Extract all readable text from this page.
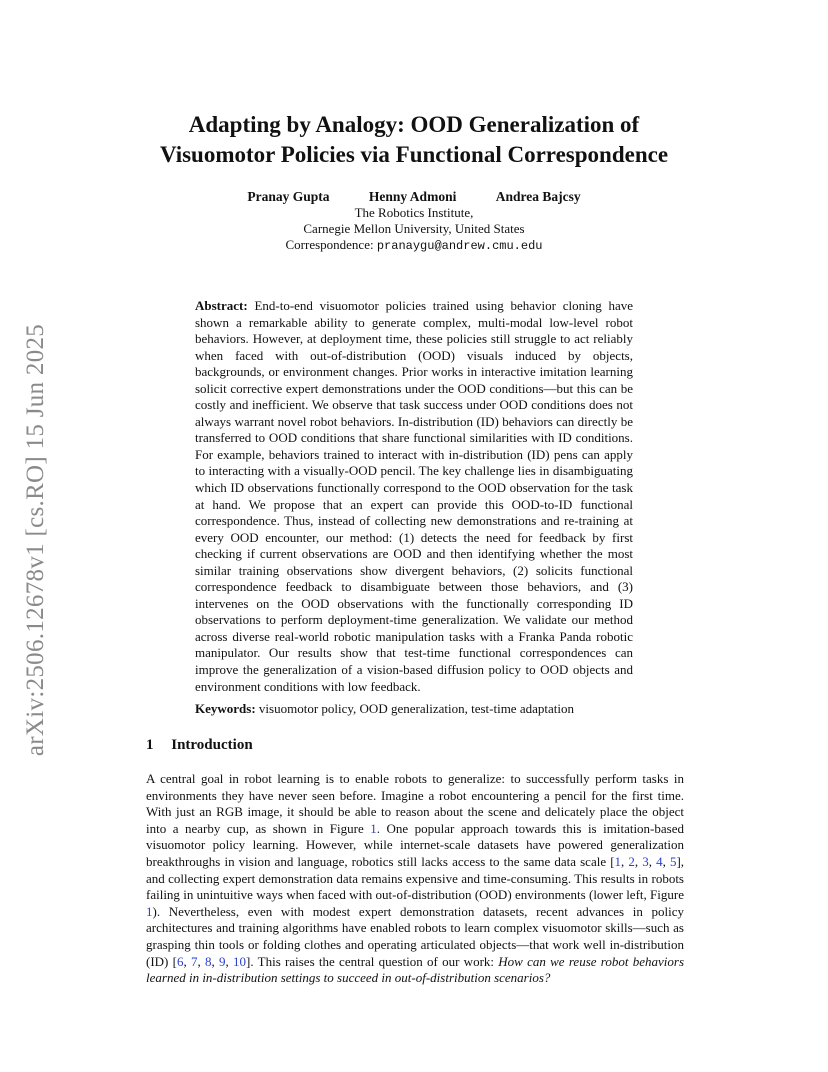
arXiv:2506.12678v1 [cs.RO] 15 Jun 2025
Adapting by Analogy: OOD Generalization of
Visuomotor Policies via Functional Correspondence
Pranay Gupta	Henny Admoni	Andrea Bajcsy
The Robotics Institute,
Carnegie Mellon University, United States
Correspondence: pranaygu@andrew.cmu.edu
Abstract: End-to-end visuomotor policies trained using behavior cloning have shown a remarkable ability to generate complex, multi-modal low-level robot behaviors. However, at deployment time, these policies still struggle to act reliably when faced with out-of-distribution (OOD) visuals induced by objects, backgrounds, or environment changes. Prior works in interactive imitation learning solicit corrective expert demonstrations under the OOD conditions—but this can be costly and inefficient. We observe that task success under OOD conditions does not always warrant novel robot behaviors. In-distribution (ID) behaviors can directly be transferred to OOD conditions that share functional similarities with ID conditions. For example, behaviors trained to interact with in-distribution (ID) pens can apply to interacting with a visually-OOD pencil. The key challenge lies in disambiguating which ID observations functionally correspond to the OOD observation for the task at hand. We propose that an expert can provide this OOD-to-ID functional correspondence. Thus, instead of collecting new demonstrations and re-training at every OOD encounter, our method: (1) detects the need for feedback by first checking if current observations are OOD and then identifying whether the most similar training observations show divergent behaviors, (2) solicits functional correspondence feedback to disambiguate between those behaviors, and (3) intervenes on the OOD observations with the functionally corresponding ID observations to perform deployment-time generalization. We validate our method across diverse real-world robotic manipulation tasks with a Franka Panda robotic manipulator. Our results show that test-time functional correspondences can improve the generalization of a vision-based diffusion policy to OOD objects and environment conditions with low feedback.
Keywords: visuomotor policy, OOD generalization, test-time adaptation
1 Introduction
A central goal in robot learning is to enable robots to generalize: to successfully perform tasks in environments they have never seen before. Imagine a robot encountering a pencil for the first time. With just an RGB image, it should be able to reason about the scene and delicately place the object into a nearby cup, as shown in Figure 1. One popular approach towards this is imitation-based visuomotor policy learning. However, while internet-scale datasets have powered generalization breakthroughs in vision and language, robotics still lacks access to the same data scale [1, 2, 3, 4, 5], and collecting expert demonstration data remains expensive and time-consuming. This results in robots failing in unintuitive ways when faced with out-of-distribution (OOD) environments (lower left, Figure 1). Nevertheless, even with modest expert demonstration datasets, recent advances in policy architectures and training algorithms have enabled robots to learn complex visuomotor skills—such as grasping thin tools or folding clothes and operating articulated objects—that work well in-distribution (ID) [6, 7, 8, 9, 10]. This raises the central question of our work: How can we reuse robot behaviors learned in in-distribution settings to succeed in out-of-distribution scenarios?
